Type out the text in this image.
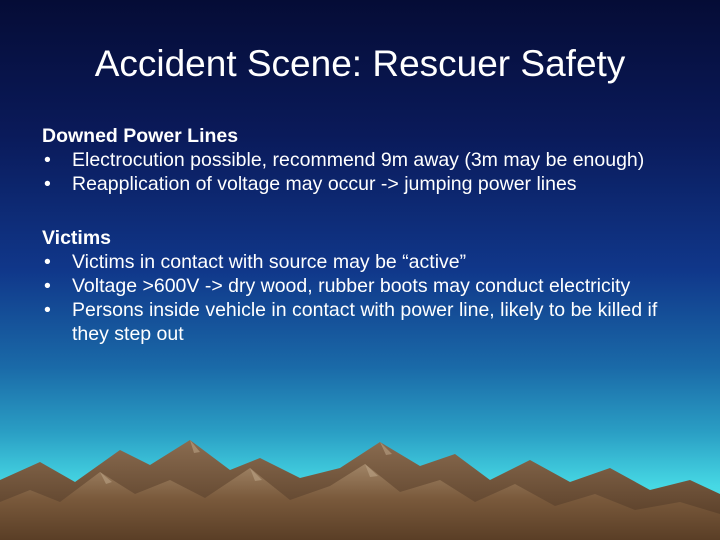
Accident Scene: Rescuer Safety
Downed Power Lines
• Electrocution possible, recommend 9m away (3m may be enough)
• Reapplication of voltage may occur -> jumping power lines
Victims
• Victims in contact with source may be “active”
• Voltage >600V -> dry wood, rubber boots may conduct electricity
• Persons inside vehicle in contact with power line, likely to be killed if they step out
